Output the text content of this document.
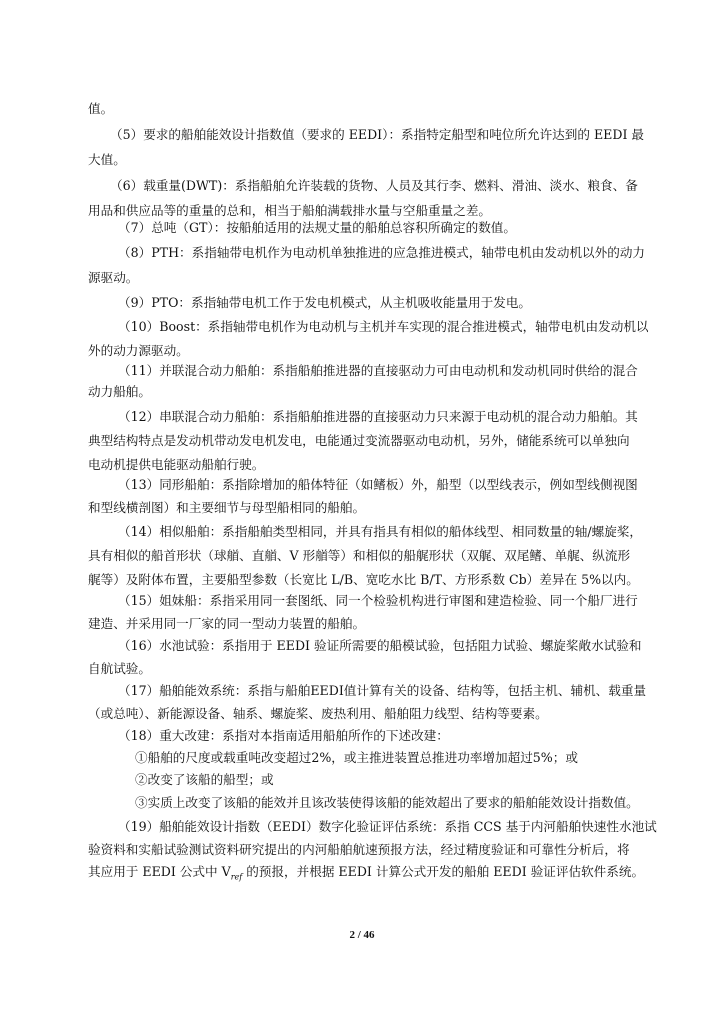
值。
（5）要求的船舶能效设计指数值（要求的 EEDI）：系指特定船型和吨位所允许达到的 EEDI 最
大值。
（6）载重量(DWT)：系指船舶允许装载的货物、人员及其行李、燃料、滑油、淡水、粮食、备
用品和供应品等的重量的总和，相当于船舶满载排水量与空船重量之差。
（7）总吨（GT）：按船舶适用的法规丈量的船舶总容积所确定的数值。
（8）PTH：系指轴带电机作为电动机单独推进的应急推进模式，轴带电机由发动机以外的动力
源驱动。
（9）PTO：系指轴带电机工作于发电机模式，从主机吸收能量用于发电。
（10）Boost：系指轴带电机作为电动机与主机并车实现的混合推进模式，轴带电机由发动机以
外的动力源驱动。
（11）并联混合动力船舶：系指船舶推进器的直接驱动力可由电动机和发动机同时供给的混合
动力船舶。
（12）串联混合动力船舶：系指船舶推进器的直接驱动力只来源于电动机的混合动力船舶。其
典型结构特点是发动机带动发电机发电，电能通过变流器驱动电动机，另外，储能系统可以单独向
电动机提供电能驱动船舶行驶。
（13）同形船舶：系指除增加的船体特征（如鳍板）外，船型（以型线表示，例如型线侧视图
和型线横剖图）和主要细节与母型船相同的船舶。
（14）相似船舶：系指船舶类型相同，并具有指具有相似的船体线型、相同数量的轴/螺旋桨，
具有相似的船首形状（球艏、直艏、V 形艏等）和相似的船艉形状（双艉、双尾鳍、单艉、纵流形
艉等）及附体布置，主要船型参数（长宽比 L/B、宽吃水比 B/T、方形系数 Cb）差异在 5%以内。
（15）姐妹船：系指采用同一套图纸、同一个检验机构进行审图和建造检验、同一个船厂进行
建造、并采用同一厂家的同一型动力装置的船舶。
（16）水池试验：系指用于 EEDI 验证所需要的船模试验，包括阻力试验、螺旋桨敞水试验和
自航试验。
（17）船舶能效系统：系指与船舶EEDI值计算有关的设备、结构等，包括主机、辅机、载重量
（或总吨）、新能源设备、轴系、螺旋桨、废热利用、船舶阻力线型、结构等要素。
（18）重大改建：系指对本指南适用船舶所作的下述改建：
①船舶的尺度或载重吨改变超过2%，或主推进装置总推进功率增加超过5%；或
②改变了该船的船型；或
③实质上改变了该船的能效并且该改装使得该船的能效超出了要求的船舶能效设计指数值。
（19）船舶能效设计指数（EEDI）数字化验证评估系统：系指 CCS 基于内河船舶快速性水池试
验资料和实船试验测试资料研究提出的内河船舶航速预报方法，经过精度验证和可靠性分析后，将
其应用于 EEDI 公式中 $V_{ref}$ 的预报，并根据 EEDI 计算公式开发的船舶 EEDI 验证评估软件系统。
2 / 46
